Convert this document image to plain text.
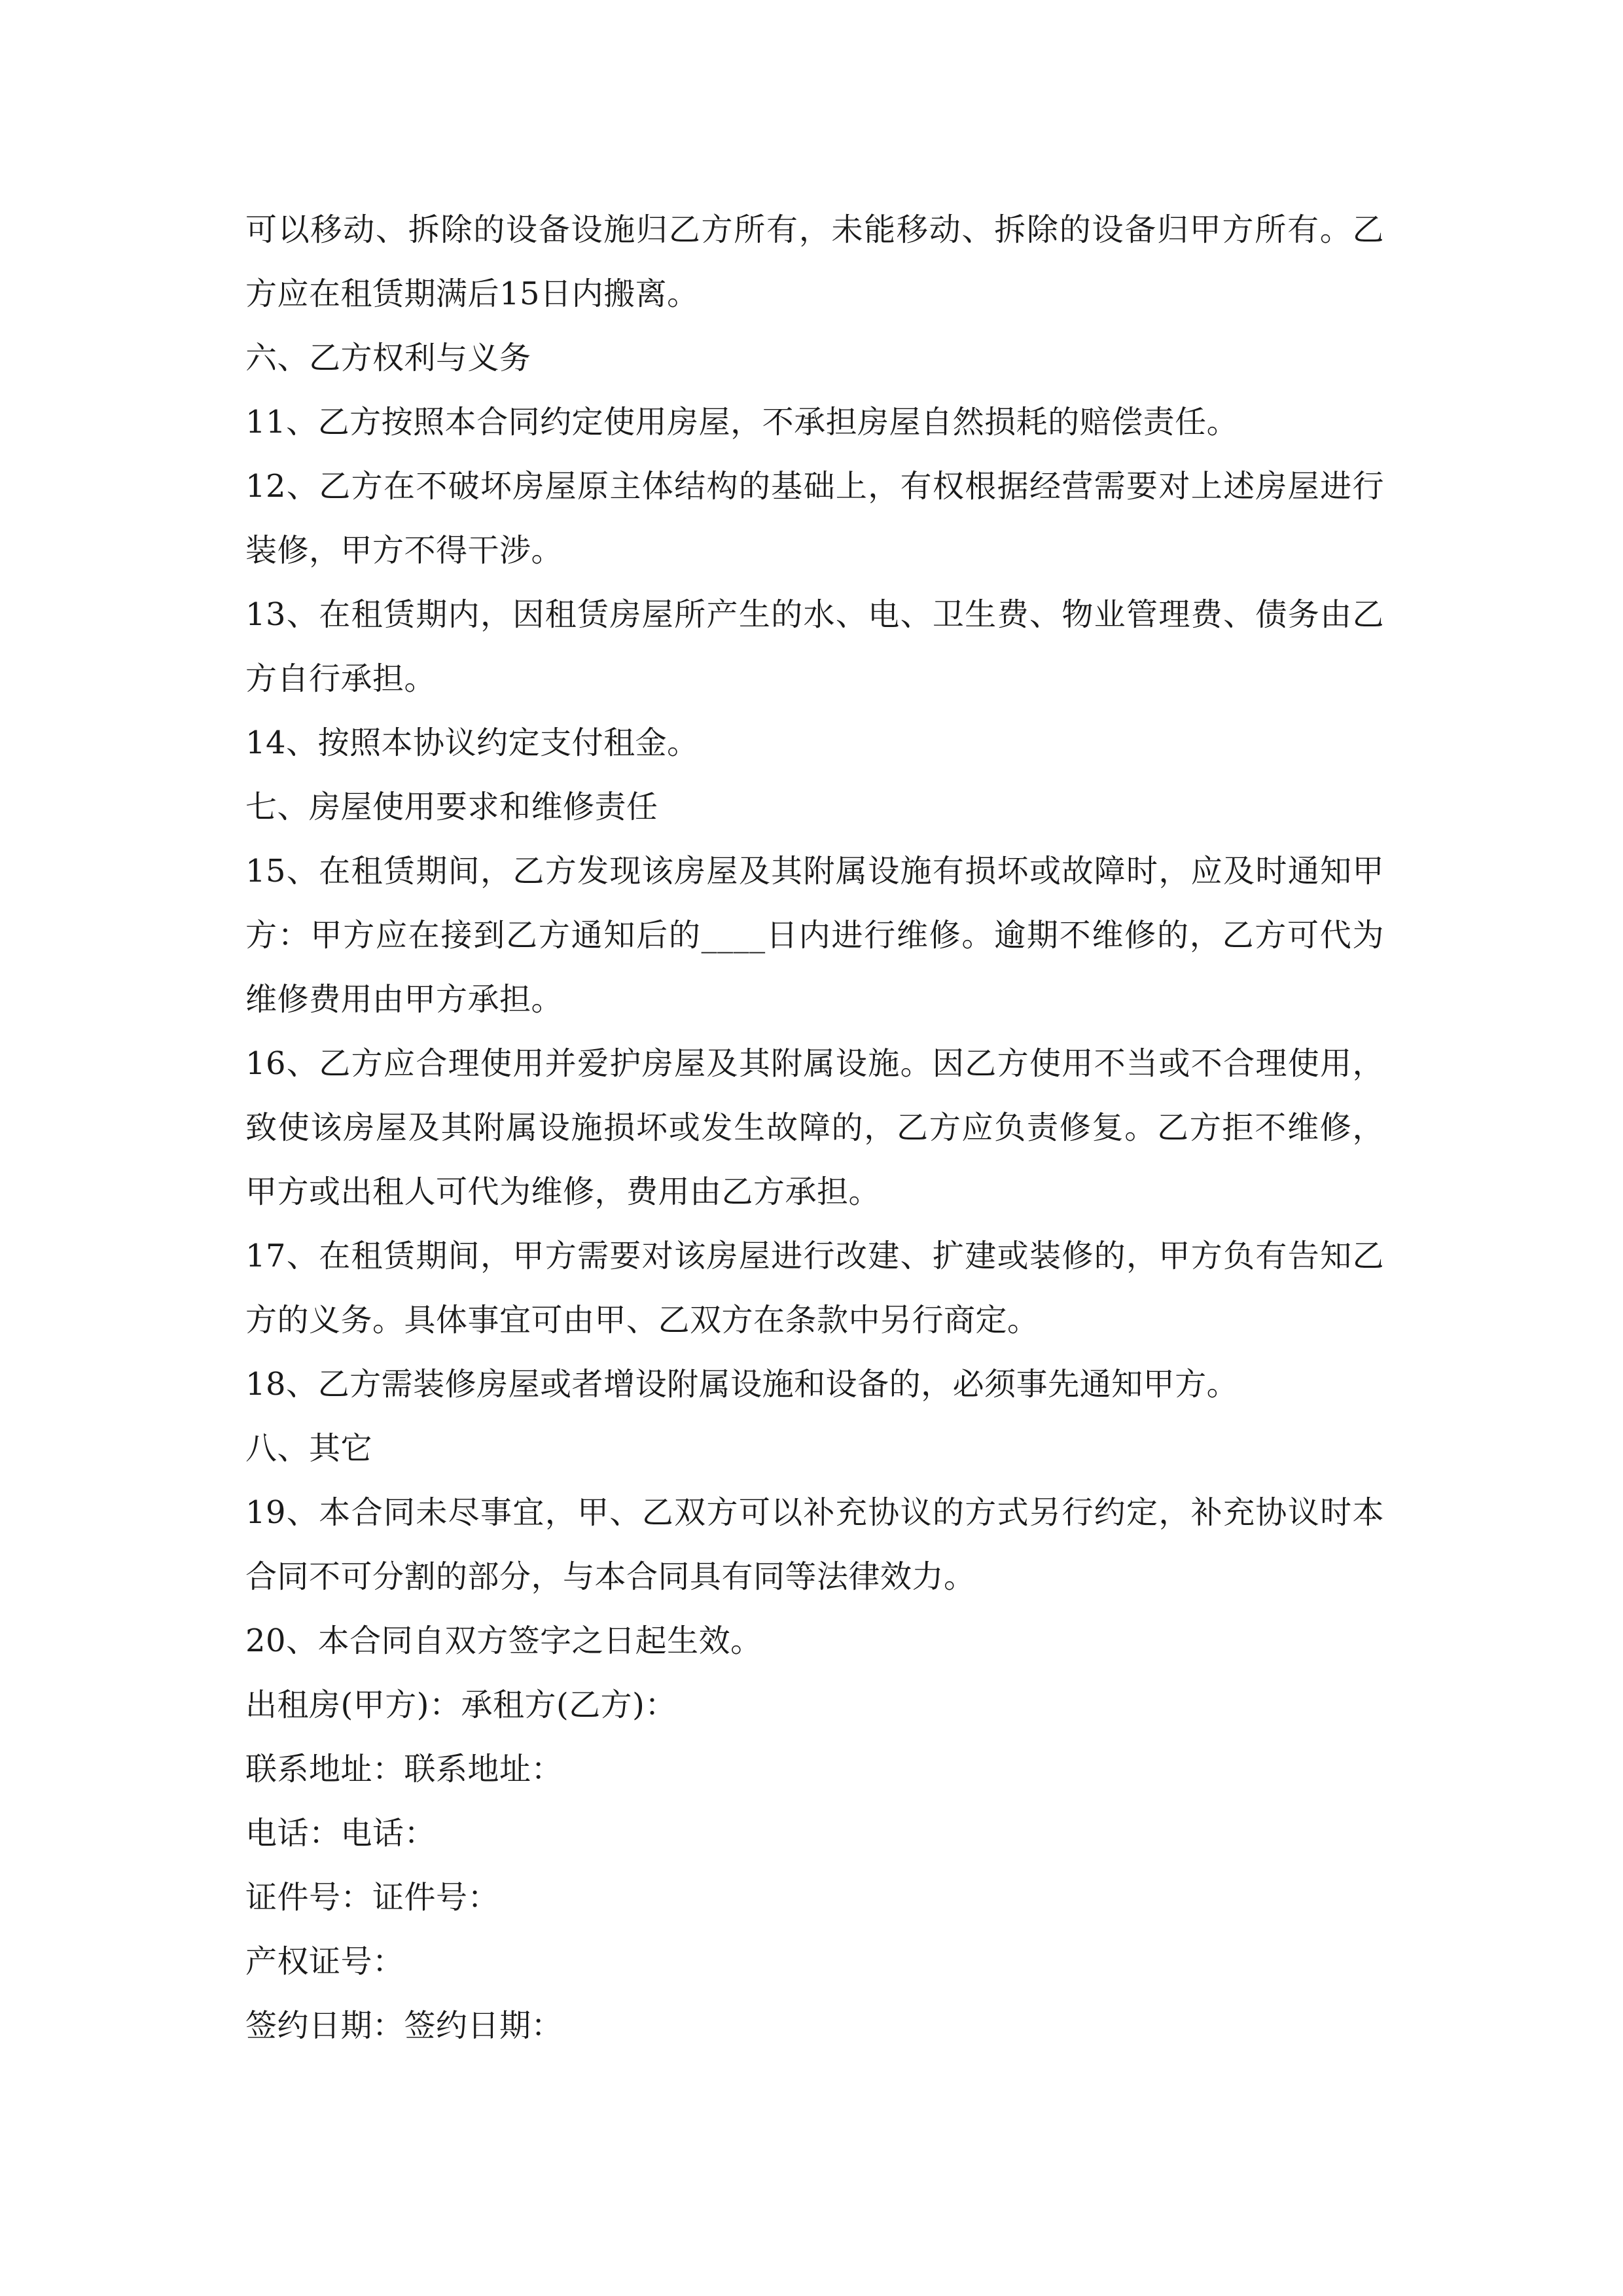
可以移动、拆除的设备设施归乙方所有，未能移动、拆除的设备归甲方所有。乙方应在租赁期满后15日内搬离。

六、乙方权利与义务

11、乙方按照本合同约定使用房屋，不承担房屋自然损耗的赔偿责任。

12、乙方在不破坏房屋原主体结构的基础上，有权根据经营需要对上述房屋进行装修，甲方不得干涉。

13、在租赁期内，因租赁房屋所产生的水、电、卫生费、物业管理费、债务由乙方自行承担。

14、按照本协议约定支付租金。

七、房屋使用要求和维修责任

15、在租赁期间，乙方发现该房屋及其附属设施有损坏或故障时，应及时通知甲方：甲方应在接到乙方通知后的____日内进行维修。逾期不维修的，乙方可代为维修费用由甲方承担。

16、乙方应合理使用并爱护房屋及其附属设施。因乙方使用不当或不合理使用，致使该房屋及其附属设施损坏或发生故障的，乙方应负责修复。乙方拒不维修，甲方或出租人可代为维修，费用由乙方承担。

17、在租赁期间，甲方需要对该房屋进行改建、扩建或装修的，甲方负有告知乙方的义务。具体事宜可由甲、乙双方在条款中另行商定。

18、乙方需装修房屋或者增设附属设施和设备的，必须事先通知甲方。

八、其它

19、本合同未尽事宜，甲、乙双方可以补充协议的方式另行约定，补充协议时本合同不可分割的部分，与本合同具有同等法律效力。

20、本合同自双方签字之日起生效。

出租房(甲方)：承租方(乙方)：

联系地址：联系地址：

电话：电话：

证件号：证件号：

产权证号：

签约日期：签约日期：
